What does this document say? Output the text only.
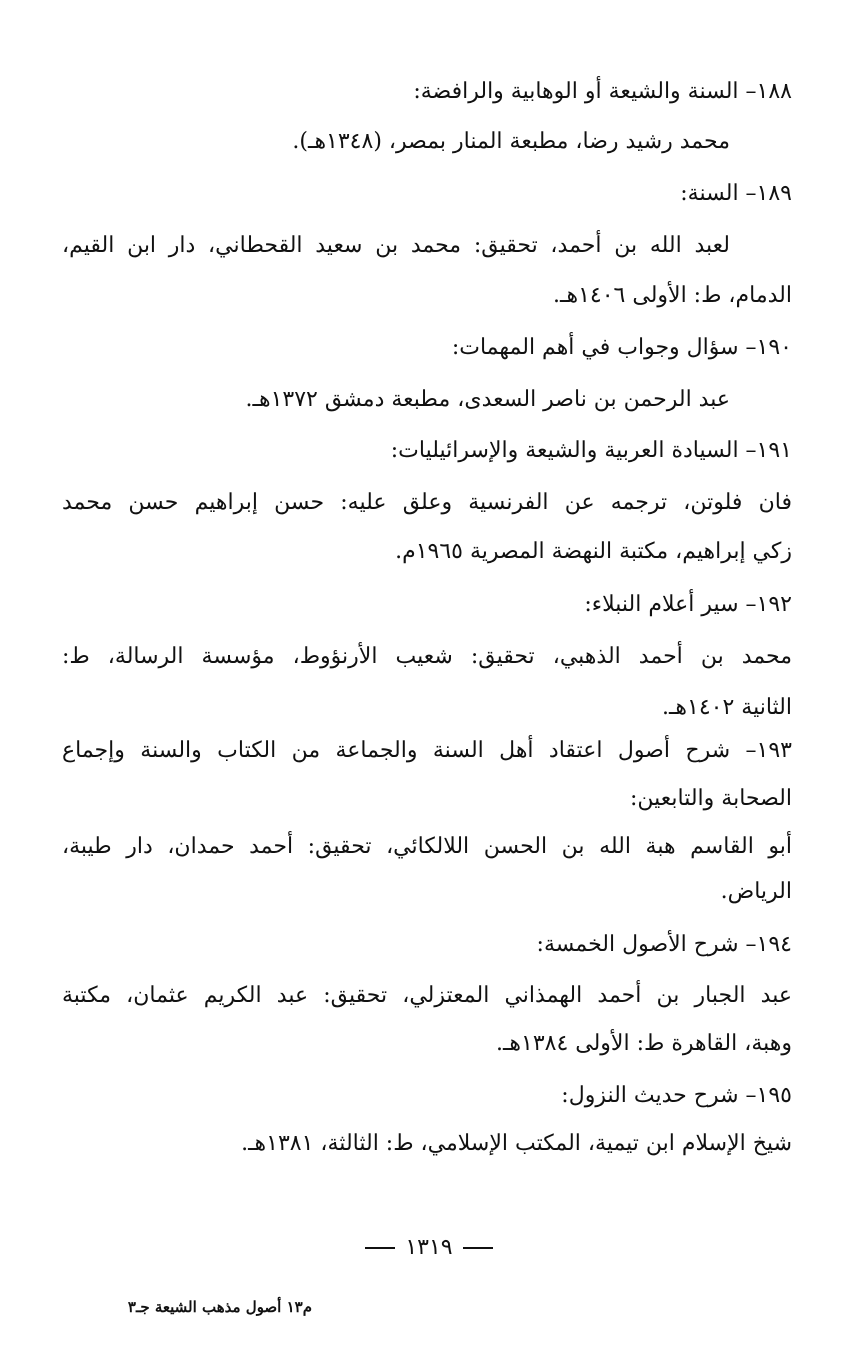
١٨٨– السنة والشيعة أو الوهابية والرافضة:
محمد رشيد رضا، مطبعة المنار بمصر، (١٣٤٨هـ).
١٨٩– السنة:
لعبد الله بن أحمد، تحقيق: محمد بن سعيد القحطاني، دار ابن القيم،
الدمام، ط: الأولى ١٤٠٦هـ.
١٩٠– سؤال وجواب في أهم المهمات:
عبد الرحمن بن ناصر السعدى، مطبعة دمشق ١٣٧٢هـ.
١٩١– السيادة العربية والشيعة والإسرائيليات:
فان فلوتن، ترجمه عن الفرنسية وعلق عليه: حسن إبراهيم حسن محمد
زكي إبراهيم، مكتبة النهضة المصرية ١٩٦٥م.
١٩٢– سير أعلام النبلاء:
محمد بن أحمد الذهبي، تحقيق: شعيب الأرنؤوط، مؤسسة الرسالة، ط:
الثانية ١٤٠٢هـ.
١٩٣– شرح أصول اعتقاد أهل السنة والجماعة من الكتاب والسنة وإجماع
الصحابة والتابعين:
أبو القاسم هبة الله بن الحسن اللالكائي، تحقيق: أحمد حمدان، دار طيبة،
الرياض.
١٩٤– شرح الأصول الخمسة:
عبد الجبار بن أحمد الهمذاني المعتزلي، تحقيق: عبد الكريم عثمان، مكتبة
وهبة، القاهرة ط: الأولى ١٣٨٤هـ.
١٩٥– شرح حديث النزول:
شيخ الإسلام ابن تيمية، المكتب الإسلامي، ط: الثالثة، ١٣٨١هـ.
١٣١٩
م١٣ أصول مذهب الشيعة جـ٣
